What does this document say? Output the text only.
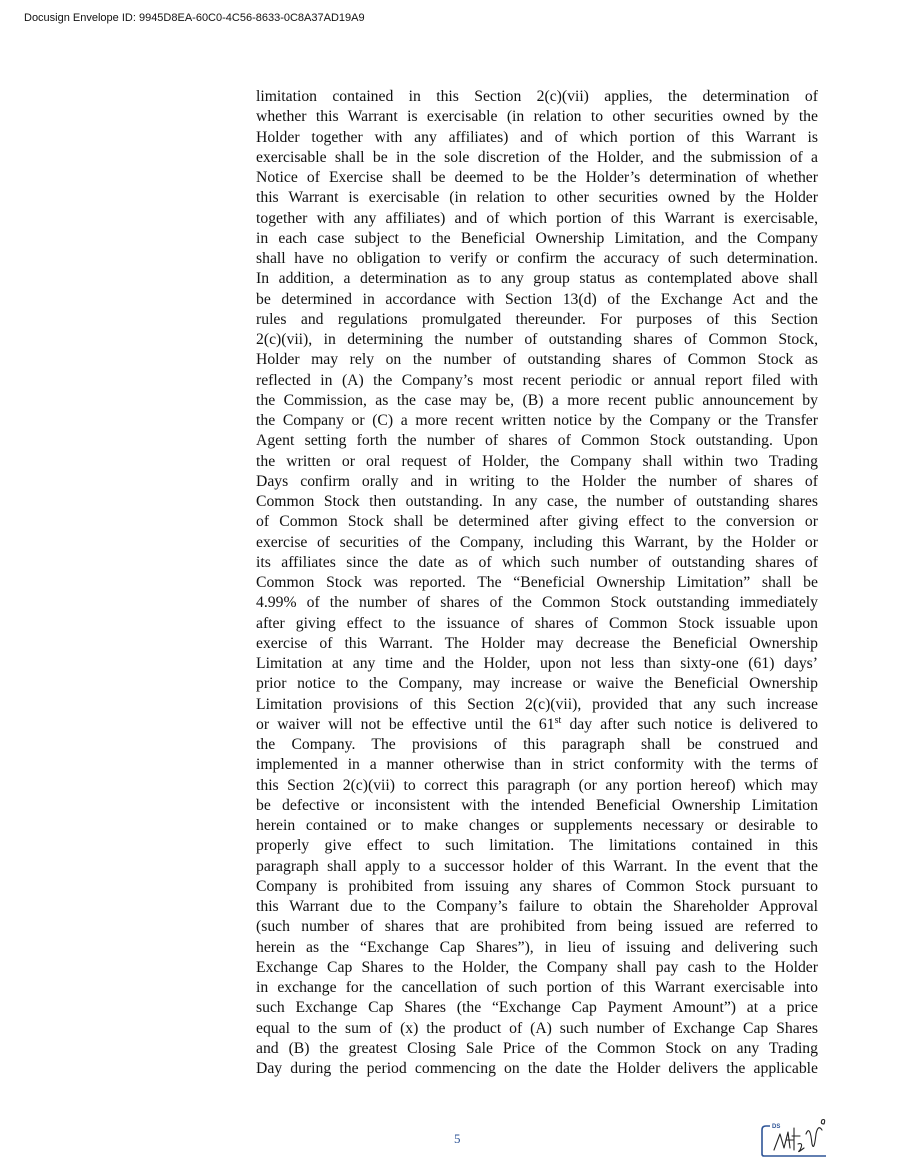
Docusign Envelope ID: 9945D8EA-60C0-4C56-8633-0C8A37AD19A9
limitation contained in this Section 2(c)(vii) applies, the determination of
whether this Warrant is exercisable (in relation to other securities owned by the
Holder together with any affiliates) and of which portion of this Warrant is
exercisable shall be in the sole discretion of the Holder, and the submission of a
Notice of Exercise shall be deemed to be the Holder’s determination of whether
this Warrant is exercisable (in relation to other securities owned by the Holder
together with any affiliates) and of which portion of this Warrant is exercisable,
in each case subject to the Beneficial Ownership Limitation, and the Company
shall have no obligation to verify or confirm the accuracy of such determination.
In addition, a determination as to any group status as contemplated above shall
be determined in accordance with Section 13(d) of the Exchange Act and the
rules and regulations promulgated thereunder. For purposes of this Section
2(c)(vii), in determining the number of outstanding shares of Common Stock,
Holder may rely on the number of outstanding shares of Common Stock as
reflected in (A) the Company’s most recent periodic or annual report filed with
the Commission, as the case may be, (B) a more recent public announcement by
the Company or (C) a more recent written notice by the Company or the Transfer
Agent setting forth the number of shares of Common Stock outstanding. Upon
the written or oral request of Holder, the Company shall within two Trading
Days confirm orally and in writing to the Holder the number of shares of
Common Stock then outstanding. In any case, the number of outstanding shares
of Common Stock shall be determined after giving effect to the conversion or
exercise of securities of the Company, including this Warrant, by the Holder or
its affiliates since the date as of which such number of outstanding shares of
Common Stock was reported. The “Beneficial Ownership Limitation” shall be
4.99% of the number of shares of the Common Stock outstanding immediately
after giving effect to the issuance of shares of Common Stock issuable upon
exercise of this Warrant. The Holder may decrease the Beneficial Ownership
Limitation at any time and the Holder, upon not less than sixty-one (61) days’
prior notice to the Company, may increase or waive the Beneficial Ownership
Limitation provisions of this Section 2(c)(vii), provided that any such increase
or waiver will not be effective until the 61st day after such notice is delivered to
the Company. The provisions of this paragraph shall be construed and
implemented in a manner otherwise than in strict conformity with the terms of
this Section 2(c)(vii) to correct this paragraph (or any portion hereof) which may
be defective or inconsistent with the intended Beneficial Ownership Limitation
herein contained or to make changes or supplements necessary or desirable to
properly give effect to such limitation. The limitations contained in this
paragraph shall apply to a successor holder of this Warrant. In the event that the
Company is prohibited from issuing any shares of Common Stock pursuant to
this Warrant due to the Company’s failure to obtain the Shareholder Approval
(such number of shares that are prohibited from being issued are referred to
herein as the “Exchange Cap Shares”), in lieu of issuing and delivering such
Exchange Cap Shares to the Holder, the Company shall pay cash to the Holder
in exchange for the cancellation of such portion of this Warrant exercisable into
such Exchange Cap Shares (the “Exchange Cap Payment Amount”) at a price
equal to the sum of (x) the product of (A) such number of Exchange Cap Shares
and (B) the greatest Closing Sale Price of the Common Stock on any Trading
Day during the period commencing on the date the Holder delivers the applicable
5
DS
